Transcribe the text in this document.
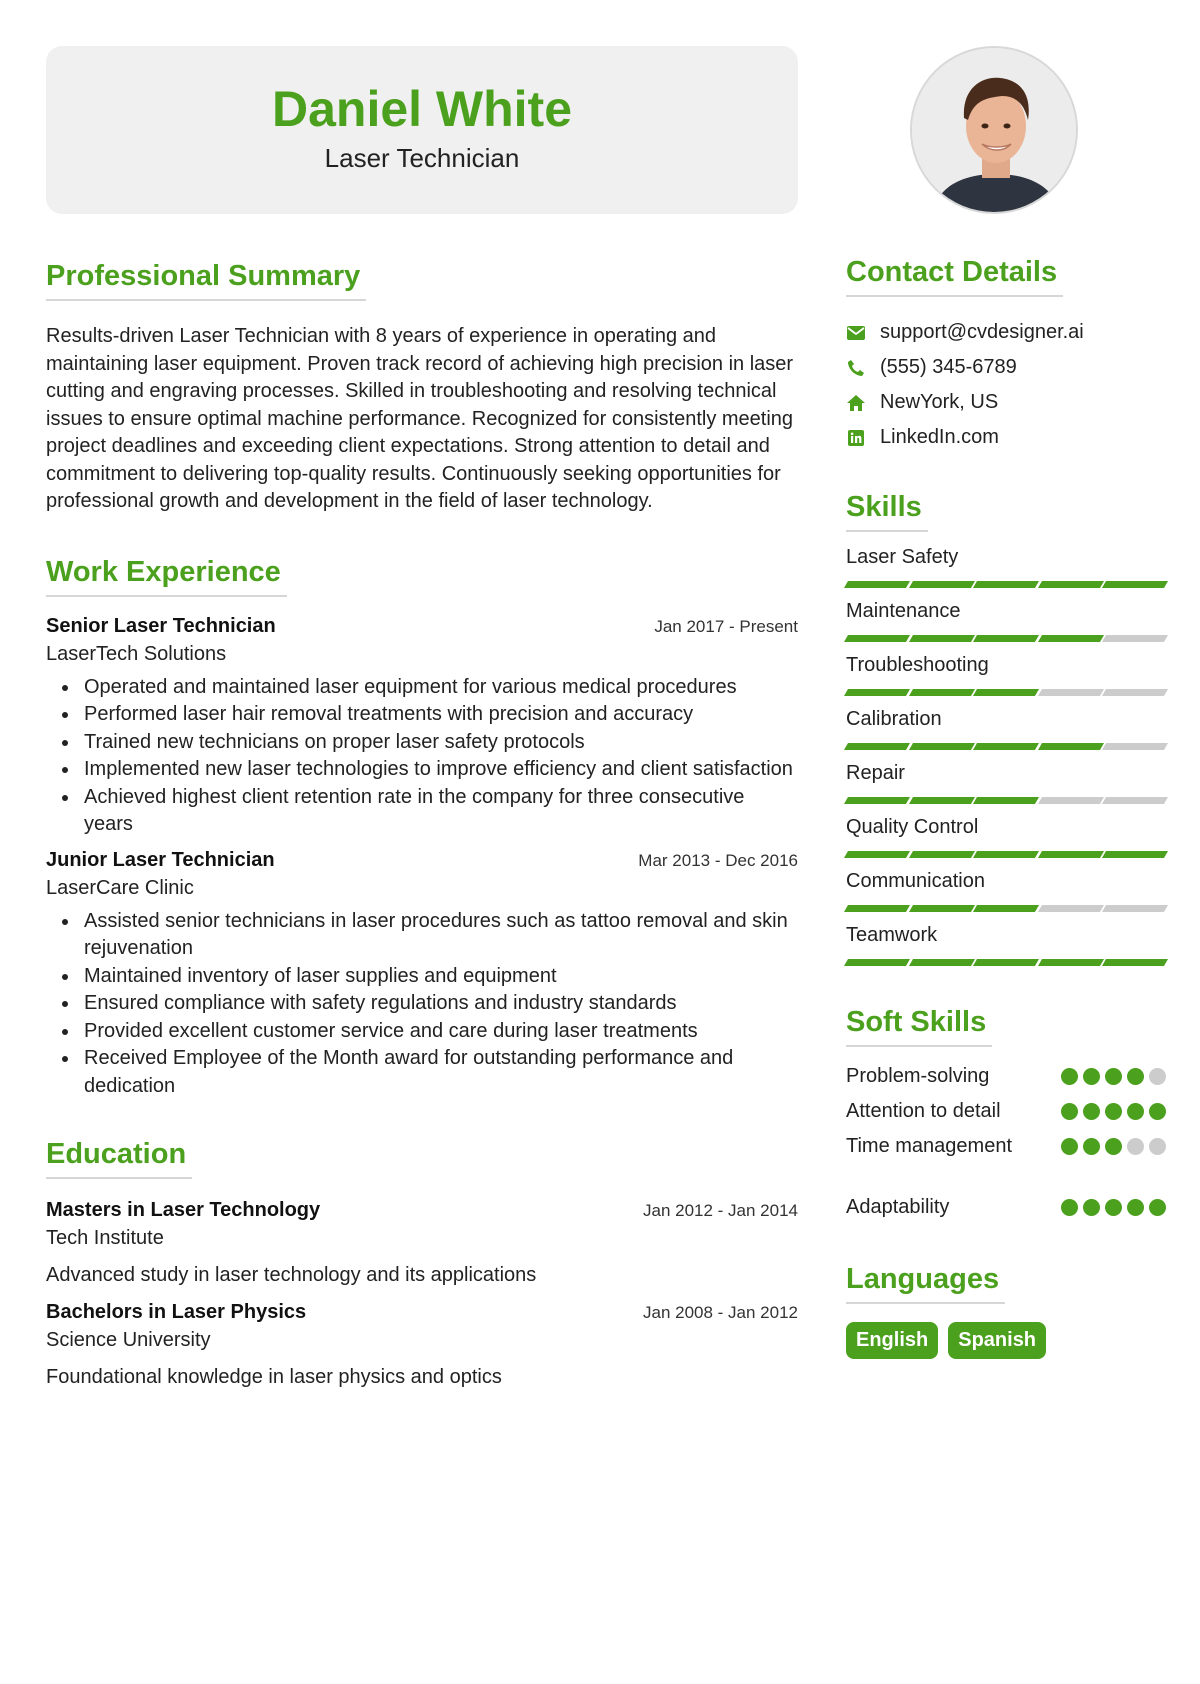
Daniel White
Laser Technician
Professional Summary

Results-driven Laser Technician with 8 years of experience in operating and maintaining laser equipment. Proven track record of achieving high precision in laser cutting and engraving processes. Skilled in troubleshooting and resolving technical issues to ensure optimal machine performance. Recognized for consistently meeting project deadlines and exceeding client expectations. Strong attention to detail and commitment to delivering top-quality results. Continuously seeking opportunities for professional growth and development in the field of laser technology.

Work Experience
Senior Laser Technician	Jan 2017 - Present
LaserTech Solutions
Operated and maintained laser equipment for various medical procedures
Performed laser hair removal treatments with precision and accuracy
Trained new technicians on proper laser safety protocols
Implemented new laser technologies to improve efficiency and client satisfaction
Achieved highest client retention rate in the company for three consecutive years
Junior Laser Technician	Mar 2013 - Dec 2016
LaserCare Clinic
Assisted senior technicians in laser procedures such as tattoo removal and skin rejuvenation
Maintained inventory of laser supplies and equipment
Ensured compliance with safety regulations and industry standards
Provided excellent customer service and care during laser treatments
Received Employee of the Month award for outstanding performance and dedication
Education
Masters in Laser Technology	Jan 2012 - Jan 2014
Tech Institute
Advanced study in laser technology and its applications
Bachelors in Laser Physics	Jan 2008 - Jan 2012
Science University
Foundational knowledge in laser physics and optics
Contact Details
support@cvdesigner.ai
(555) 345-6789
NewYork, US
LinkedIn.com
Skills
Laser Safety
Maintenance
Troubleshooting
Calibration
Repair
Quality Control
Communication
Teamwork
Soft Skills
Problem-solving
Attention to detail
Time management
Adaptability
Languages
English	Spanish
